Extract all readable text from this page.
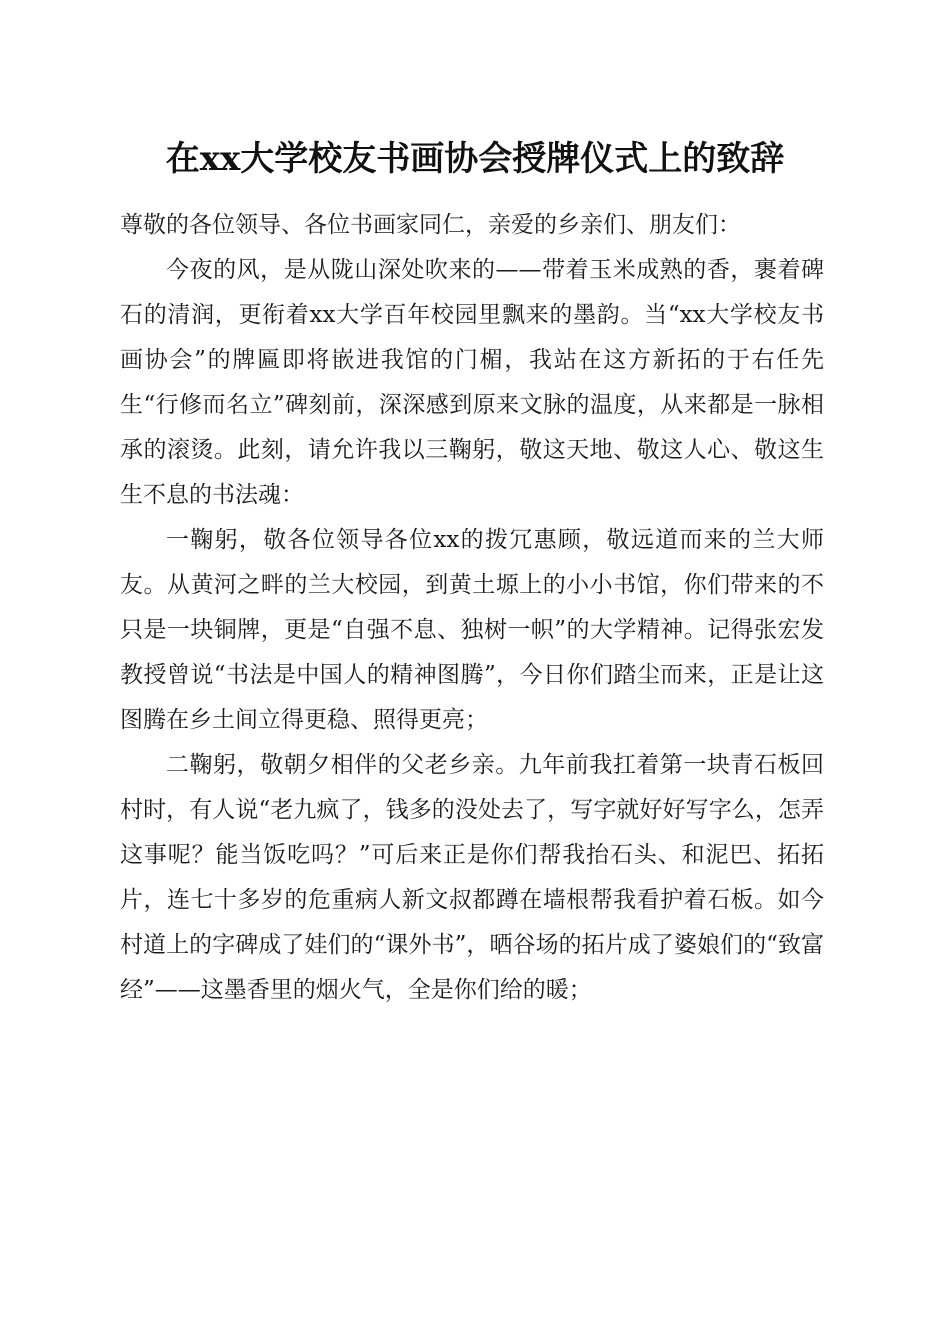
在xx大学校友书画协会授牌仪式上的致辞

尊敬的各位领导、各位书画家同仁，亲爱的乡亲们、朋友们：

今夜的风，是从陇山深处吹来的——带着玉米成熟的香，裹着碑石的清润，更衔着xx大学百年校园里飘来的墨韵。当“xx大学校友书画协会”的牌匾即将嵌进我馆的门楣，我站在这方新拓的于右任先生“行修而名立”碑刻前，深深感到原来文脉的温度，从来都是一脉相承的滚烫。此刻，请允许我以三鞠躬，敬这天地、敬这人心、敬这生生不息的书法魂：

一鞠躬，敬各位领导各位xx的拨冗惠顾，敬远道而来的兰大师友。从黄河之畔的兰大校园，到黄土塬上的小小书馆，你们带来的不只是一块铜牌，更是“自强不息、独树一帜”的大学精神。记得张宏发教授曾说“书法是中国人的精神图腾”，今日你们踏尘而来，正是让这图腾在乡土间立得更稳、照得更亮；

二鞠躬，敬朝夕相伴的父老乡亲。九年前我扛着第一块青石板回村时，有人说“老九疯了，钱多的没处去了，写字就好好写字么，怎弄这事呢？能当饭吃吗？”可后来正是你们帮我抬石头、和泥巴、拓拓片，连七十多岁的危重病人新文叔都蹲在墙根帮我看护着石板。如今村道上的字碑成了娃们的“课外书”，晒谷场的拓片成了婆娘们的“致富经”——这墨香里的烟火气，全是你们给的暖；
